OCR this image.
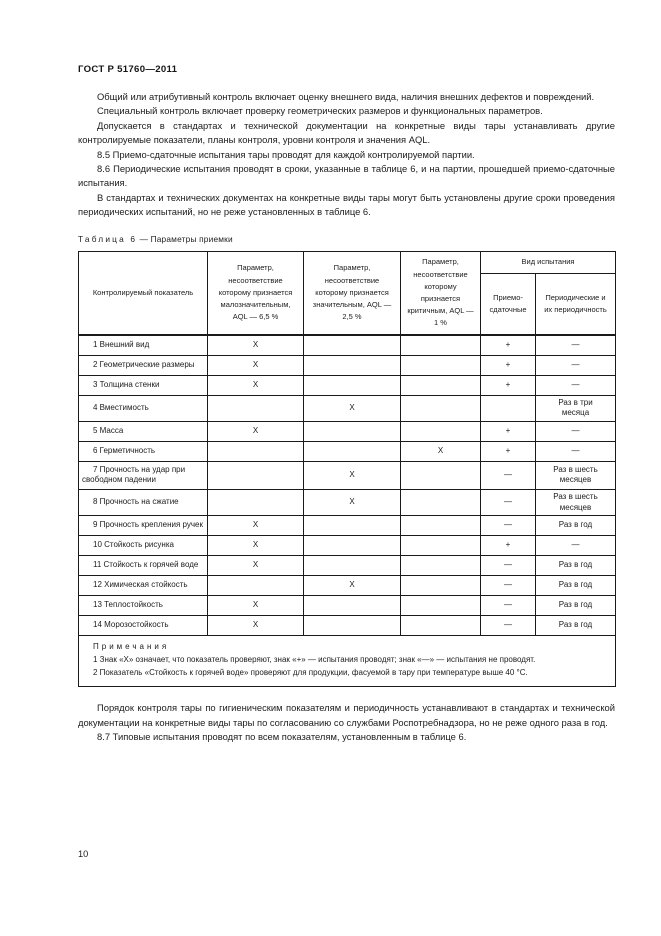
ГОСТ Р 51760—2011

Общий или атрибутивный контроль включает оценку внешнего вида, наличия внешних дефектов и повреждений.

Специальный контроль включает проверку геометрических размеров и функциональных параметров.

Допускается в стандартах и технической документации на конкретные виды тары устанавливать другие контролируемые показатели, планы контроля, уровни контроля и значения AQL.

8.5 Приемо-сдаточные испытания тары проводят для каждой контролируемой партии.

8.6 Периодические испытания проводят в сроки, указанные в таблице 6, и на партии, прошедшей приемо-сдаточные испытания.

В стандартах и технических документах на конкретные виды тары могут быть установлены другие сроки проведения периодических испытаний, но не реже установленных в таблице 6.

Таблица 6 — Параметры приемки
Контролируемый показатель	Параметр, несоответствие которому признается малозначительным, AQL — 6,5 %	Параметр, несоответствие которому признается значительным, AQL — 2,5 %	Параметр, несоответствие которому признается критичным, AQL — 1 %	Вид испытания	
				Приемо-сдаточные	Периодические и их периодичность
1 Внешний вид	X			+	—
2 Геометрические размеры	X			+	—
3 Толщина стенки	X			+	—
4 Вместимость		X			Раз в три месяца
5 Масса	X			+	—
6 Герметичность			X	+	—
7 Прочность на удар при свободном падении		X		—	Раз в шесть месяцев
8 Прочность на сжатие		X		—	Раз в шесть месяцев
9 Прочность крепления ручек	X			—	Раз в год
10 Стойкость рисунка	X			+	—
11 Стойкость к горячей воде	X			—	Раз в год
12 Химическая стойкость		X		—	Раз в год
13 Теплостойкость	X			—	Раз в год
14 Морозостойкость	X			—	Раз в год

Примечания

1 Знак «X» означает, что показатель проверяют, знак «+» — испытания проводят; знак «—» — испытания не проводят.

2 Показатель «Стойкость к горячей воде» проверяют для продукции, фасуемой в тару при температуре выше 40 °C.					

Порядок контроля тары по гигиеническим показателям и периодичность устанавливают в стандартах и технической документации на конкретные виды тары по согласованию со службами Роспотребнадзора, но не реже одного раза в год.

8.7 Типовые испытания проводят по всем показателям, установленным в таблице 6.

10
